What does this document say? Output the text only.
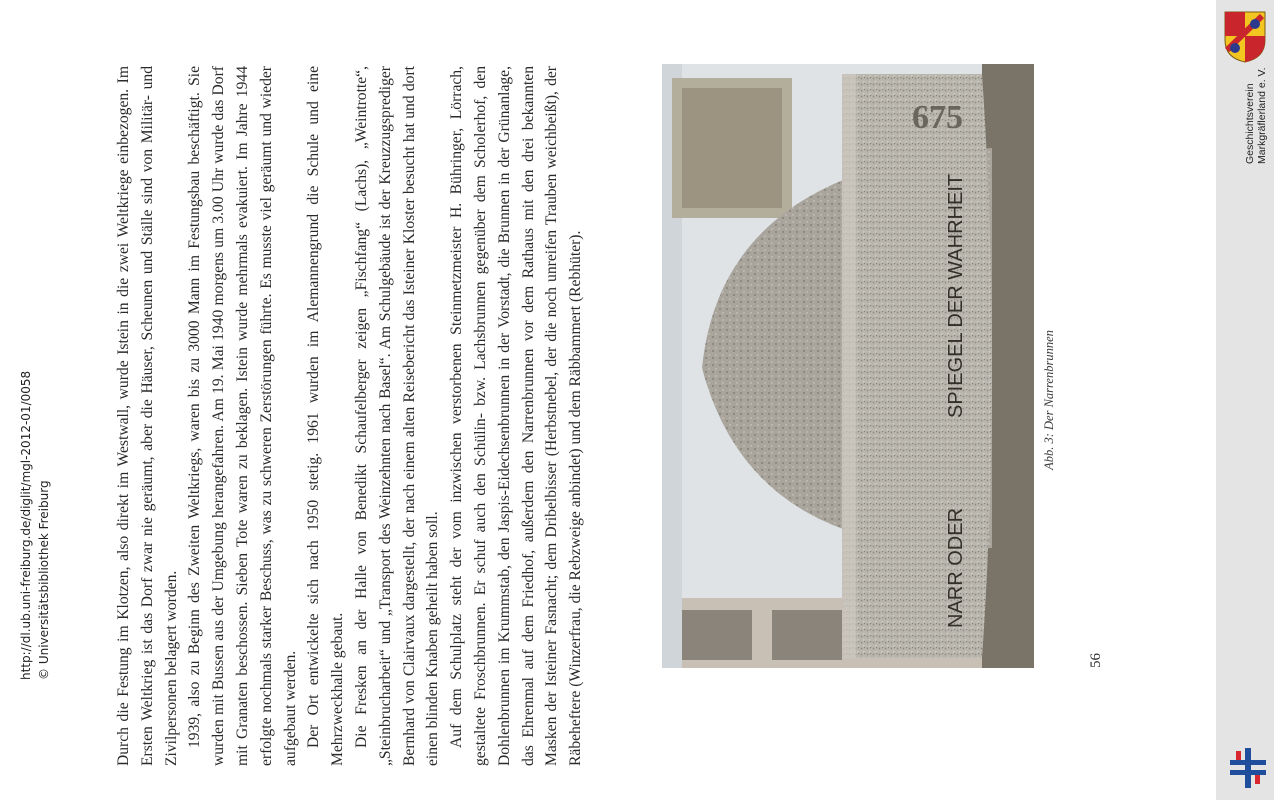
Durch die Festung im Klotzen, also direkt im Westwall, wurde Istein in die zwei Weltkriege einbezogen. Im Ersten Weltkrieg ist das Dorf zwar nie geräumt, aber die Häuser, Scheunen und Ställe sind von Militär- und Zivilpersonen belagert worden. 1939, also zu Beginn des Zweiten Weltkriegs, waren bis zu 3000 Mann im Festungsbau beschäftigt. Sie wurden mit Bussen aus der Umgebung herangefahren. Am 19. Mai 1940 morgens um 3.00 Uhr wurde das Dorf mit Granaten beschossen. Sieben Tote waren zu beklagen. Istein wurde mehrmals evakuiert. Im Jahre 1944 erfolgte nochmals starker Beschuss, was zu schweren Zerstörungen führte. Es musste viel geräumt und wieder aufgebaut werden. Der Ort entwickelte sich nach 1950 stetig. 1961 wurden im Alemannengrund die Schule und eine Mehrzweckhalle gebaut. Die Fresken an der Halle von Benedikt Schaufelberger zeigen „Fischfang“ (Lachs), „Weintrotte“, „Steinbrucharbeit“ und „Transport des Weinzehnten nach Basel“. Am Schulgebäude ist der Kreuzzugsprediger Bernhard von Clairvaux dargestellt, der nach einem alten Reisebericht das Isteiner Kloster besucht hat und dort einen blinden Knaben geheilt haben soll. Auf dem Schulplatz steht der vom inzwischen verstorbenen Steinmetzmeister H. Bühringer, Lörrach, gestaltete Froschbrunnen. Er schuf auch den Schülin- bzw. Lachsbrunnen gegenüber dem Scholerhof, den Dohlenbrunnen im Krummstab, den Jaspis-Eidechsenbrunnen in der Vorstadt, die Brunnen in der Grünanlage, das Ehrenmal auf dem Friedhof, außerdem den Narrenbrunnen vor dem Rathaus mit den drei bekannten Masken der Isteiner Fasnacht; dem Dribelbisser (Herbstnebel, der die noch unreifen Trauben weichbeißt), der Räbeheftere (Winzerfrau, die Rebzweige anbindet) und dem Räbbammert (Rebhüter).

675
NARR ODER
SPIEGEL DER WAHRHEIT	Abb. 3: Der Narrenbrunnen
56
http://dl.ub.uni-freiburg.de/diglit/mgl-2012-01/0058 © Universitätsbibliothek Freiburg
Geschichtsverein Markgräflerland e. V.
